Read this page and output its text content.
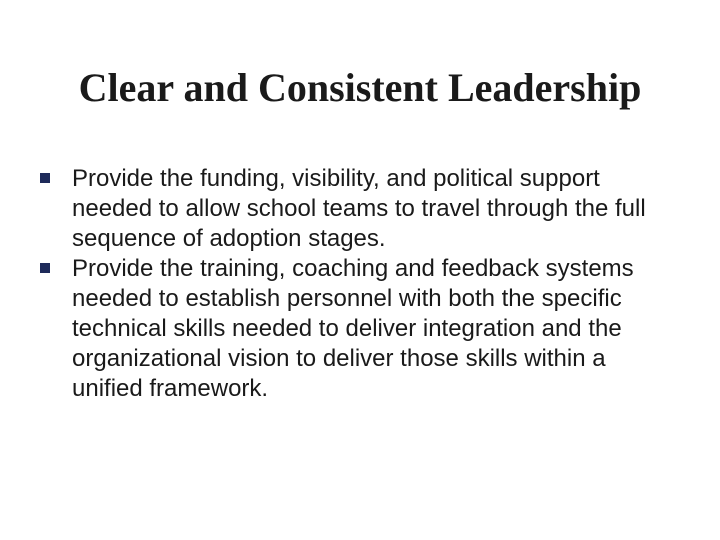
Clear and Consistent Leadership
Provide the funding, visibility, and political support needed to allow school teams to travel through the full sequence of adoption stages.
Provide the training, coaching and feedback systems needed to establish personnel with both the specific technical skills needed to deliver integration and the organizational vision to deliver those skills within a unified framework.
